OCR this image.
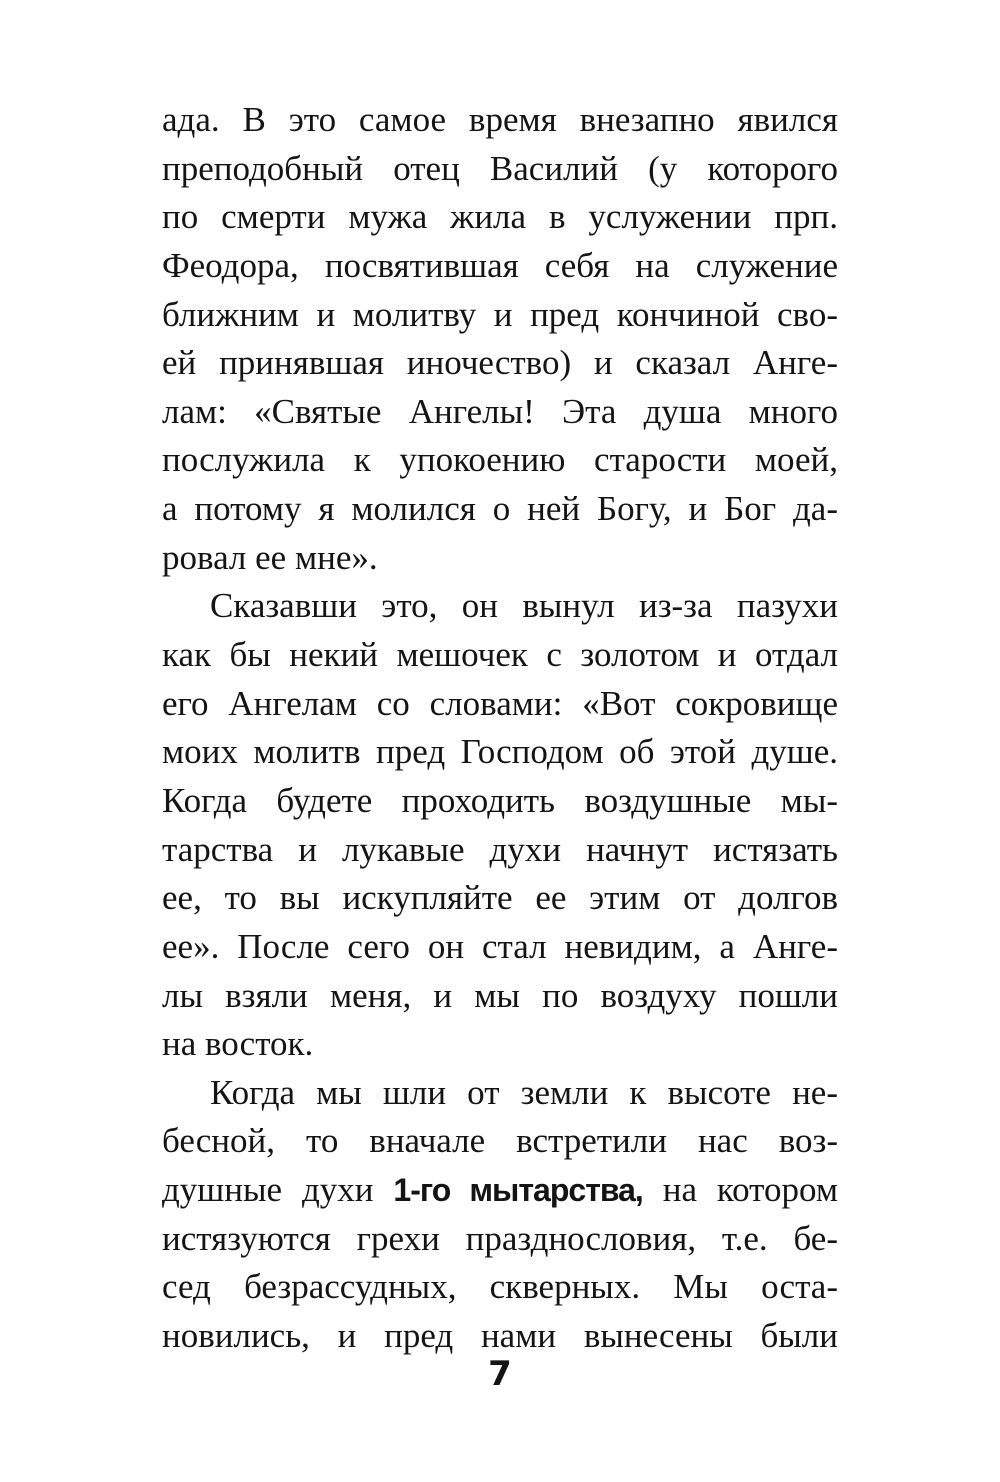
ада. В это самое время внезапно явился
преподобный отец Василий (у которого
по смерти мужа жила в услужении прп.
Феодора, посвятившая себя на служение
ближним и молитву и пред кончиной сво-
ей принявшая иночество) и сказал Анге-
лам: «Святые Ангелы! Эта душа много
послужила к упокоению старости моей,
а потому я молился о ней Богу, и Бог да-
ровал ее мне».
Сказавши это, он вынул из-за пазухи
как бы некий мешочек с золотом и отдал
его Ангелам со словами: «Вот сокровище
моих молитв пред Господом об этой душе.
Когда будете проходить воздушные мы-
тарства и лукавые духи начнут истязать
ее, то вы искупляйте ее этим от долгов
ее». После сего он стал невидим, а Анге-
лы взяли меня, и мы по воздуху пошли
на восток.
Когда мы шли от земли к высоте не-
бесной, то вначале встретили нас воз-
душные духи 1-го мытарства, на котором
истязуются грехи празднословия, т.е. бе-
сед безрассудных, скверных. Мы оста-
новились, и пред нами вынесены были
7
